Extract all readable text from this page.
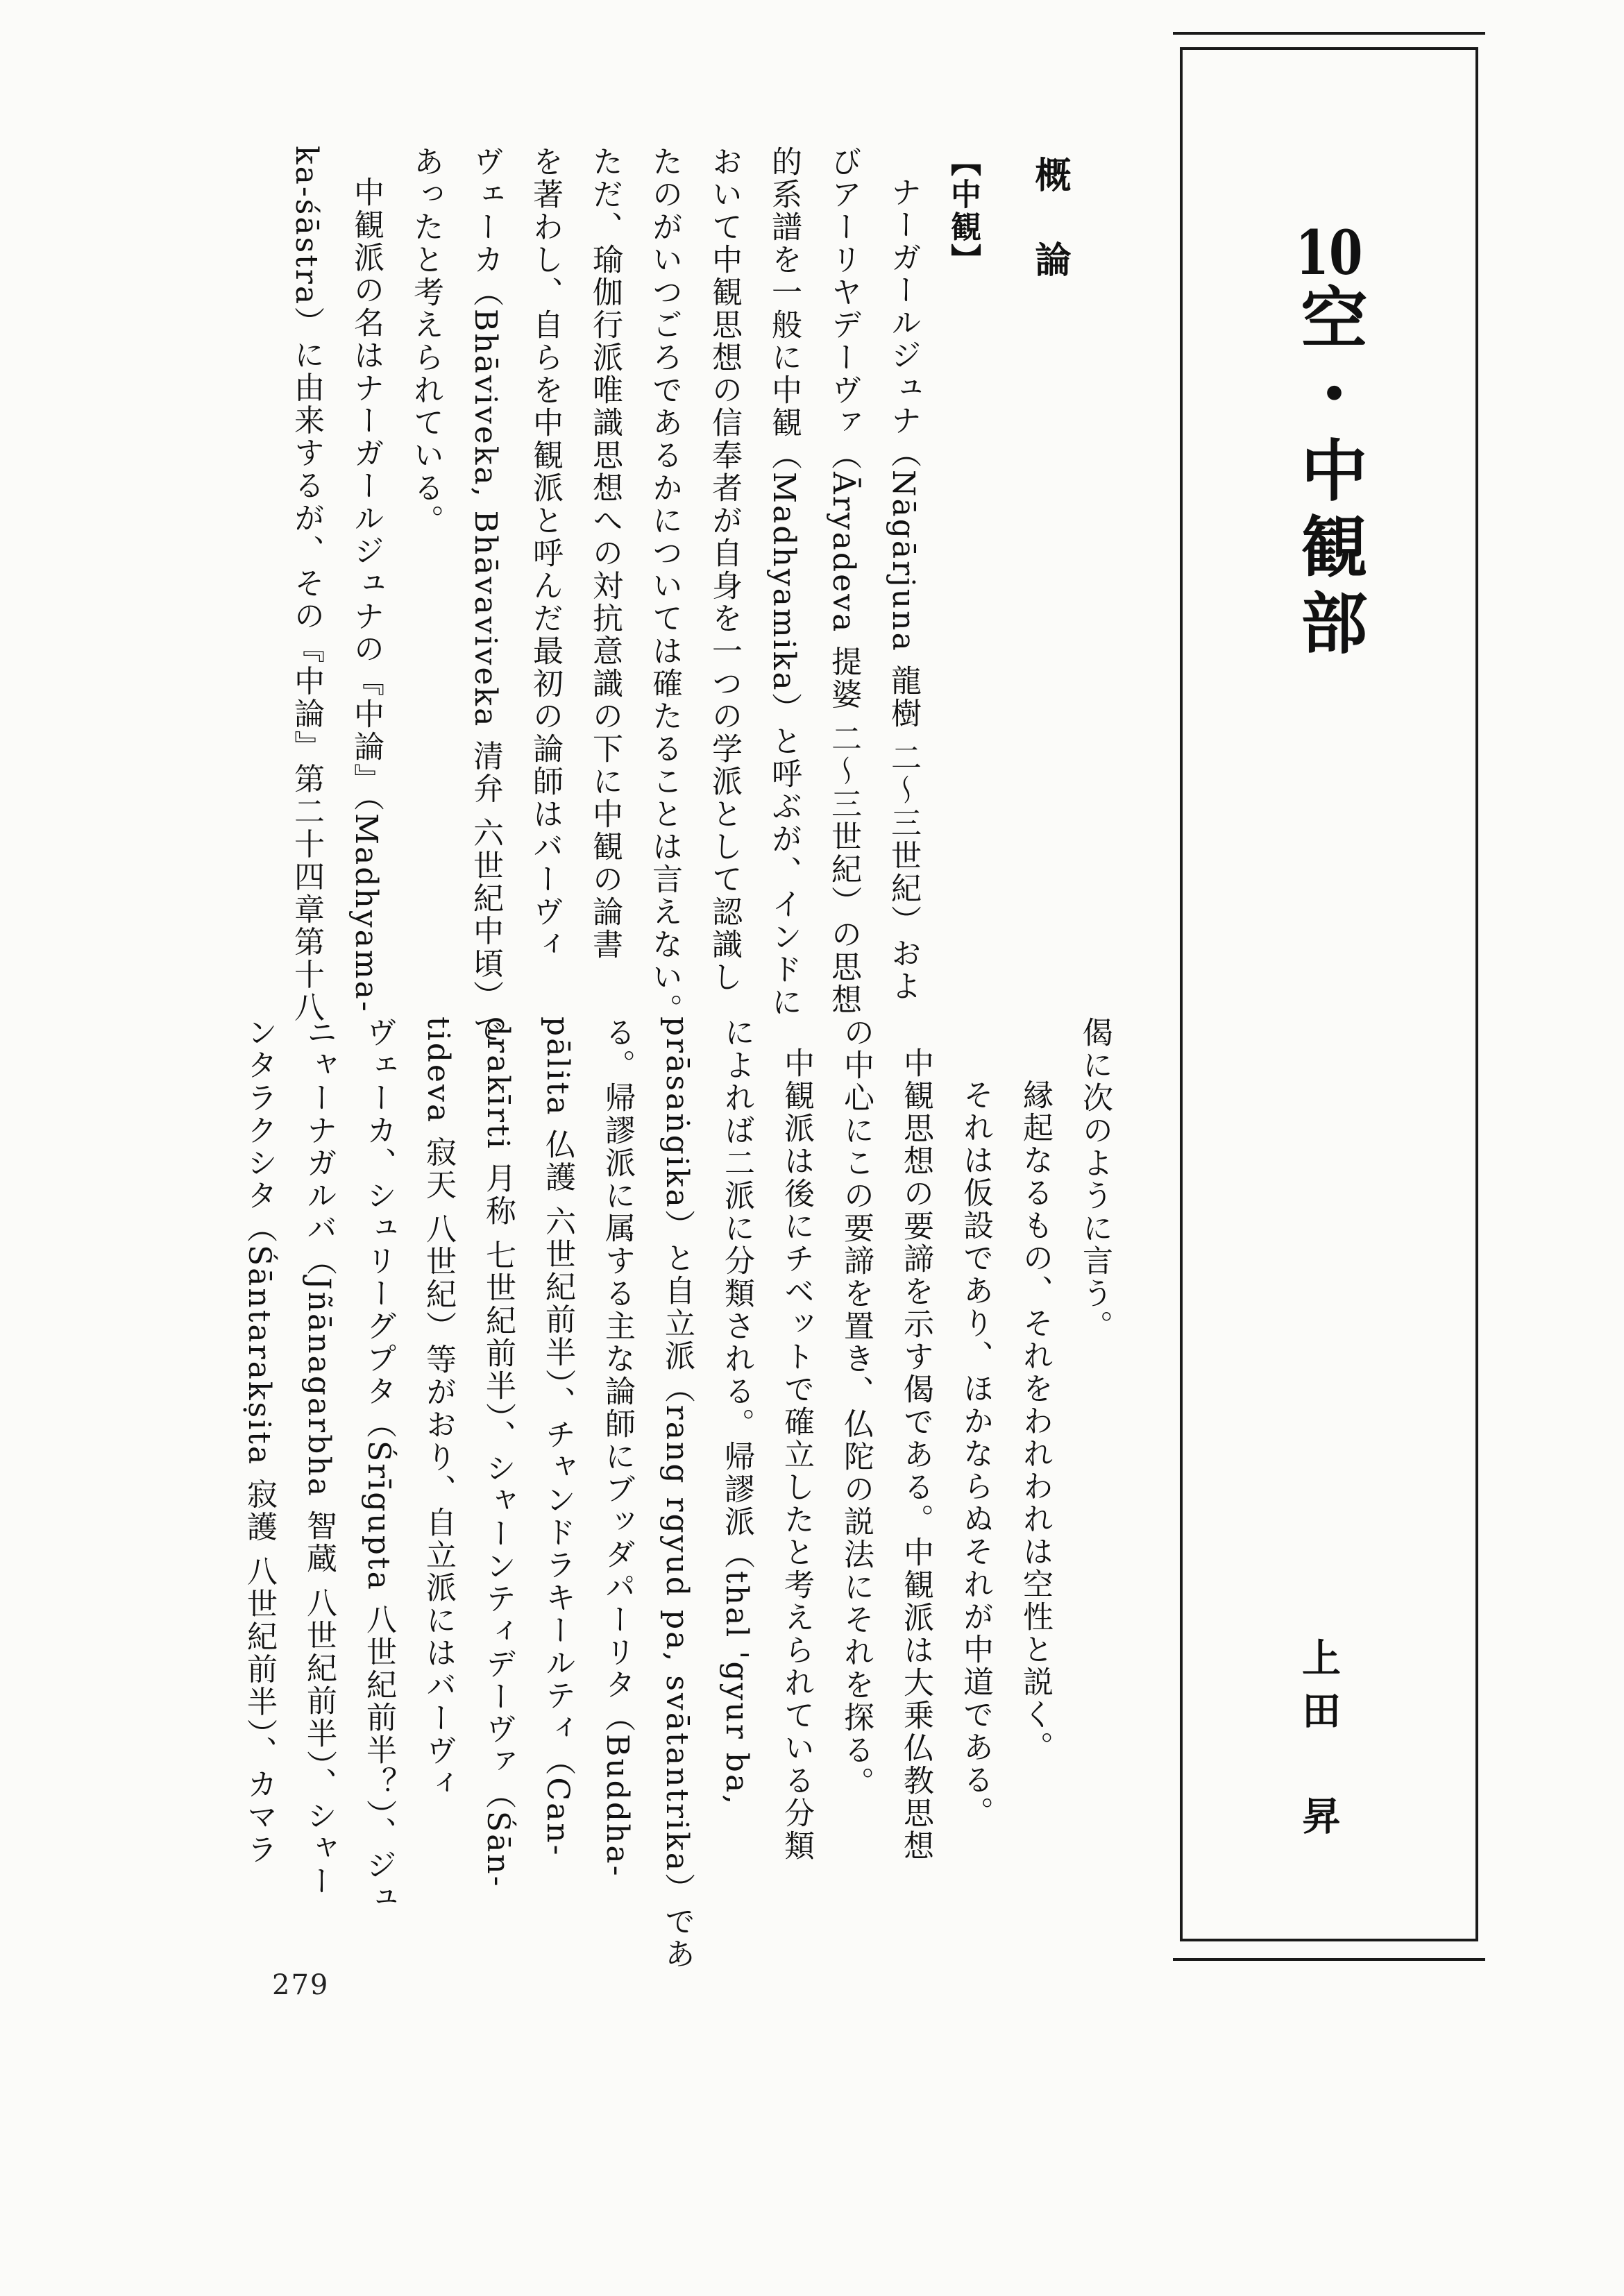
10空・中観部
上田　昇
概論

【中観】

ナーガールジュナ（Nāgārjuna 龍樹 二〜三世紀）およ

びアーリヤデーヴァ（Āryadeva 提婆 二〜三世紀）の思想

的系譜を一般に中観（Madhyamika）と呼ぶが、インドに

おいて中観思想の信奉者が自身を一つの学派として認識し

たのがいつごろであるかについては確たることは言えない。

ただ、瑜伽行派唯識思想への対抗意識の下に中観の論書

を著わし、自らを中観派と呼んだ最初の論師はバーヴィ

ヴェーカ（Bhāviveka, Bhāvaviveka 清弁 六世紀中頃）で

あったと考えられている。

中観派の名はナーガールジュナの『中論』（Madhyama-

ka-śāstra）に由来するが、その『中論』第二十四章第十八

偈に次のように言う。

縁起なるもの、それをわれわれは空性と説く。

それは仮設であり、ほかならぬそれが中道である。

中観思想の要諦を示す偈である。中観派は大乗仏教思想

の中心にこの要諦を置き、仏陀の説法にそれを探る。

中観派は後にチベットで確立したと考えられている分類

によれば二派に分類される。帰謬派（thal 'gyur ba,

prāsaṅgika）と自立派（rang rgyud pa, svātantrika）であ

る。帰謬派に属する主な論師にブッダパーリタ（Buddha-

pālita 仏護 六世紀前半）、チャンドラキールティ（Can-

drakīrti 月称 七世紀前半）、シャーンティデーヴァ（Śān-

tideva 寂天 八世紀）等がおり、自立派にはバーヴィ

ヴェーカ、シュリーグプタ（Śrīgupta 八世紀前半？）、ジュ

ニャーナガルバ（Jñānagarbha 智蔵 八世紀前半）、シャー

ンタラクシタ（Śāntarakṣita 寂護 八世紀前半）、カマラ

279
